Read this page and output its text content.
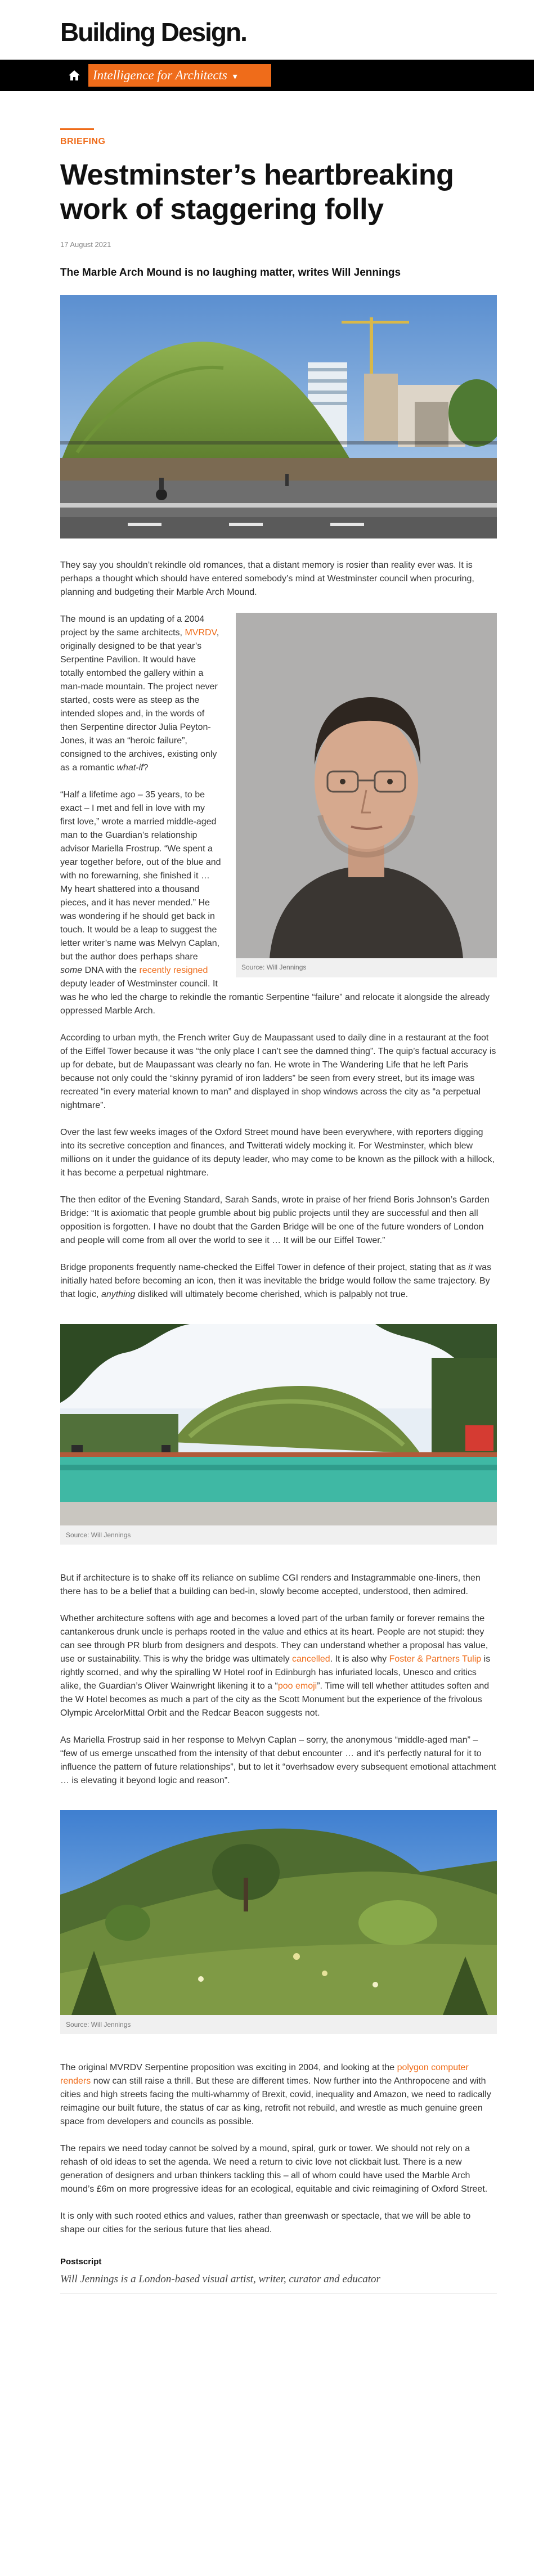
Building Design.
Intelligence for Architects ▾
BRIEFING
Westminster’s heartbreaking work of staggering folly
17 August 2021
The Marble Arch Mound is no laughing matter, writes Will Jennings

They say you shouldn’t rekindle old romances, that a distant memory is rosier than reality ever was. It is perhaps a thought which should have entered somebody’s mind at Westminster council when procuring, planning and budgeting their Marble Arch Mound.

Source: Will Jennings

The mound is an updating of a 2004 project by the same architects, MVRDV, originally designed to be that year’s Serpentine Pavilion. It would have totally entombed the gallery within a man-made mountain. The project never started, costs were as steep as the intended slopes and, in the words of then Serpentine director Julia Peyton-Jones, it was an “heroic failure”, consigned to the archives, existing only as a romantic what-if?

“Half a lifetime ago – 35 years, to be exact – I met and fell in love with my first love,” wrote a married middle-aged man to the Guardian’s relationship advisor Mariella Frostrup. “We spent a year together before, out of the blue and with no forewarning, she finished it … My heart shattered into a thousand pieces, and it has never mended.” He was wondering if he should get back in touch. It would be a leap to suggest the letter writer’s name was Melvyn Caplan, but the author does perhaps share some DNA with the recently resigned deputy leader of Westminster council. It was he who led the charge to rekindle the romantic Serpentine “failure” and relocate it alongside the already oppressed Marble Arch.

According to urban myth, the French writer Guy de Maupassant used to daily dine in a restaurant at the foot of the Eiffel Tower because it was “the only place I can’t see the damned thing”. The quip’s factual accuracy is up for debate, but de Maupassant was clearly no fan. He wrote in The Wandering Life that he left Paris because not only could the “skinny pyramid of iron ladders” be seen from every street, but its image was recreated “in every material known to man” and displayed in shop windows across the city as “a perpetual nightmare”.

Over the last few weeks images of the Oxford Street mound have been everywhere, with reporters digging into its secretive conception and finances, and Twitterati widely mocking it. For Westminster, which blew millions on it under the guidance of its deputy leader, who may come to be known as the pillock with a hillock, it has become a perpetual nightmare.

The then editor of the Evening Standard, Sarah Sands, wrote in praise of her friend Boris Johnson’s Garden Bridge: “It is axiomatic that people grumble about big public projects until they are successful and then all opposition is forgotten. I have no doubt that the Garden Bridge will be one of the future wonders of London and people will come from all over the world to see it … It will be our Eiffel Tower.”

Bridge proponents frequently name-checked the Eiffel Tower in defence of their project, stating that as it was initially hated before becoming an icon, then it was inevitable the bridge would follow the same trajectory. By that logic, anything disliked will ultimately become cherished, which is palpably not true.

Source: Will Jennings

But if architecture is to shake off its reliance on sublime CGI renders and Instagrammable one-liners, then there has to be a belief that a building can bed-in, slowly become accepted, understood, then admired.

Whether architecture softens with age and becomes a loved part of the urban family or forever remains the cantankerous drunk uncle is perhaps rooted in the value and ethics at its heart. People are not stupid: they can see through PR blurb from designers and despots. They can understand whether a proposal has value, use or sustainability. This is why the bridge was ultimately cancelled. It is also why Foster & Partners Tulip is rightly scorned, and why the spiralling W Hotel roof in Edinburgh has infuriated locals, Unesco and critics alike, the Guardian’s Oliver Wainwright likening it to a “poo emoji”. Time will tell whether attitudes soften and the W Hotel becomes as much a part of the city as the Scott Monument but the experience of the frivolous Olympic ArcelorMittal Orbit and the Redcar Beacon suggests not.

As Mariella Frostrup said in her response to Melvyn Caplan – sorry, the anonymous “middle-aged man” – “few of us emerge unscathed from the intensity of that debut encounter … and it’s perfectly natural for it to influence the pattern of future relationships”, but to let it “overhsadow every subsequent emotional attachment … is elevating it beyond logic and reason”.

Source: Will Jennings

The original MVRDV Serpentine proposition was exciting in 2004, and looking at the polygon computer renders now can still raise a thrill. But these are different times. Now further into the Anthropocene and with cities and high streets facing the multi-whammy of Brexit, covid, inequality and Amazon, we need to radically reimagine our built future, the status of car as king, retrofit not rebuild, and wrestle as much genuine green space from developers and councils as possible.

The repairs we need today cannot be solved by a mound, spiral, gurk or tower. We should not rely on a rehash of old ideas to set the agenda. We need a return to civic love not clickbait lust. There is a new generation of designers and urban thinkers tackling this – all of whom could have used the Marble Arch mound’s £6m on more progressive ideas for an ecological, equitable and civic reimagining of Oxford Street.

It is only with such rooted ethics and values, rather than greenwash or spectacle, that we will be able to shape our cities for the serious future that lies ahead.

Postscript
Will Jennings is a London-based visual artist, writer, curator and educator
